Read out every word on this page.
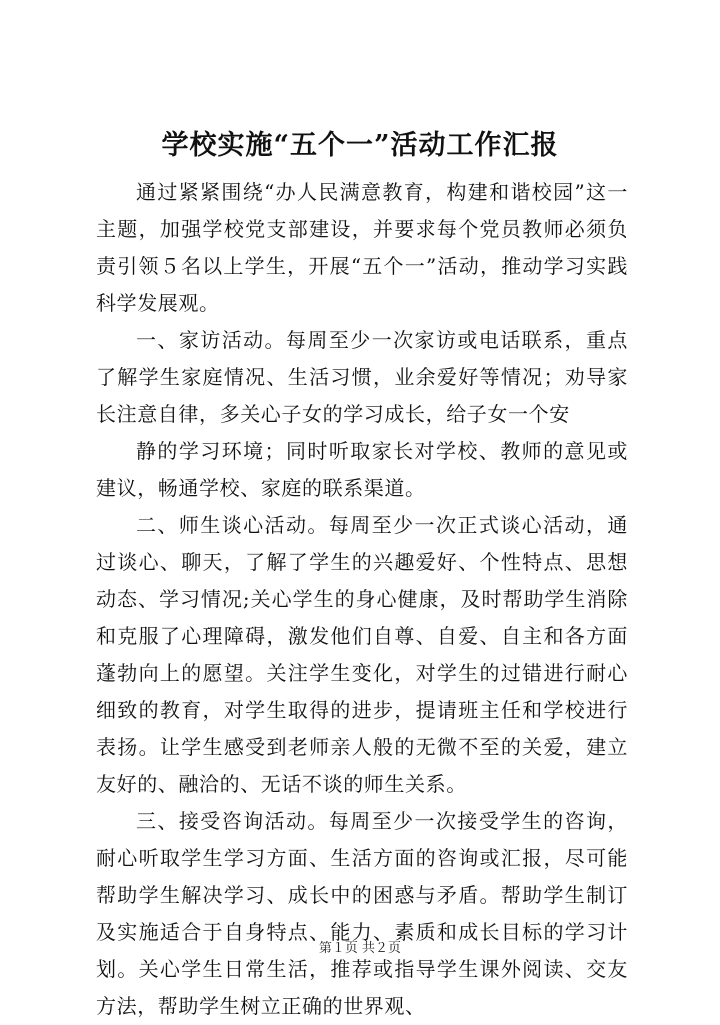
学校实施“五个一”活动工作汇报

通过紧紧围绕“办人民满意教育，构建和谐校园”这一主题，加强学校党支部建设，并要求每个党员教师必须负责引领５名以上学生，开展“五个一”活动，推动学习实践科学发展观。

一、家访活动。每周至少一次家访或电话联系，重点了解学生家庭情况、生活习惯，业余爱好等情况；劝导家长注意自律，多关心子女的学习成长，给子女一个安

静的学习环境；同时听取家长对学校、教师的意见或建议，畅通学校、家庭的联系渠道。

二、师生谈心活动。每周至少一次正式谈心活动，通过谈心、聊天，了解了学生的兴趣爱好、个性特点、思想动态、学习情况;关心学生的身心健康，及时帮助学生消除和克服了心理障碍，激发他们自尊、自爱、自主和各方面蓬勃向上的愿望。关注学生变化，对学生的过错进行耐心细致的教育，对学生取得的进步，提请班主任和学校进行表扬。让学生感受到老师亲人般的无微不至的关爱，建立友好的、融洽的、无话不谈的师生关系。

三、接受咨询活动。每周至少一次接受学生的咨询，耐心听取学生学习方面、生活方面的咨询或汇报，尽可能帮助学生解决学习、成长中的困惑与矛盾。帮助学生制订及实施适合于自身特点、能力、素质和成长目标的学习计划。关心学生日常生活，推荐或指导学生课外阅读、交友方法，帮助学生树立正确的世界观、

第１页 共２页
